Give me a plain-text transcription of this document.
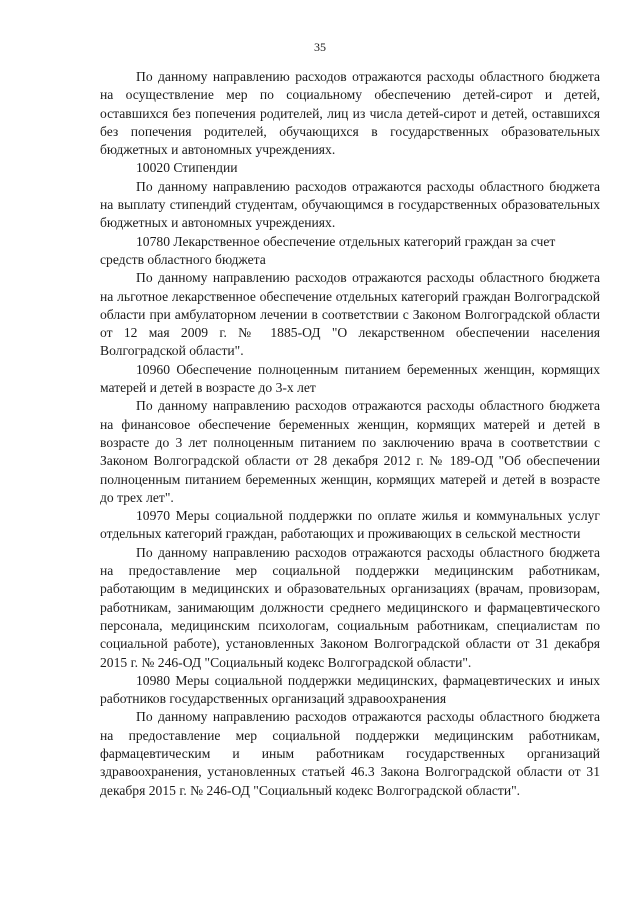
35

По данному направлению расходов отражаются расходы областного бюджета на осуществление мер по социальному обеспечению детей-сирот и детей, оставшихся без попечения родителей, лиц из числа детей-сирот и детей, оставшихся без попечения родителей, обучающихся в государственных образовательных бюджетных и автономных учреждениях.

10020 Стипендии

По данному направлению расходов отражаются расходы областного бюджета на выплату стипендий студентам, обучающимся в государственных образовательных бюджетных и автономных учреждениях.

10780 Лекарственное обеспечение отдельных категорий граждан за счет средств областного бюджета

По данному направлению расходов отражаются расходы областного бюджета на льготное лекарственное обеспечение отдельных категорий граждан Волгоградской области при амбулаторном лечении в соответствии с Законом Волгоградской области от 12 мая 2009 г. № 1885-ОД "О лекарственном обеспечении населения Волгоградской области".

10960 Обеспечение полноценным питанием беременных женщин, кормящих матерей и детей в возрасте до 3-х лет

По данному направлению расходов отражаются расходы областного бюджета на финансовое обеспечение беременных женщин, кормящих матерей и детей в возрасте до 3 лет полноценным питанием по заключению врача в соответствии с Законом Волгоградской области от 28 декабря 2012 г. № 189-ОД "Об обеспечении полноценным питанием беременных женщин, кормящих матерей и детей в возрасте до трех лет".

10970 Меры социальной поддержки по оплате жилья и коммунальных услуг отдельных категорий граждан, работающих и проживающих в сельской местности

По данному направлению расходов отражаются расходы областного бюджета на предоставление мер социальной поддержки медицинским работникам, работающим в медицинских и образовательных организациях (врачам, провизорам, работникам, занимающим должности среднего медицинского и фармацевтического персонала, медицинским психологам, социальным работникам, специалистам по социальной работе), установленных Законом Волгоградской области от 31 декабря 2015 г. № 246-ОД "Социальный кодекс Волгоградской области".

10980 Меры социальной поддержки медицинских, фармацевтических и иных работников государственных организаций здравоохранения

По данному направлению расходов отражаются расходы областного бюджета на предоставление мер социальной поддержки медицинским работникам, фармацевтическим и иным работникам государственных организаций здравоохранения, установленных статьей 46.3 Закона Волгоградской области от 31 декабря 2015 г. № 246-ОД "Социальный кодекс Волгоградской области".
